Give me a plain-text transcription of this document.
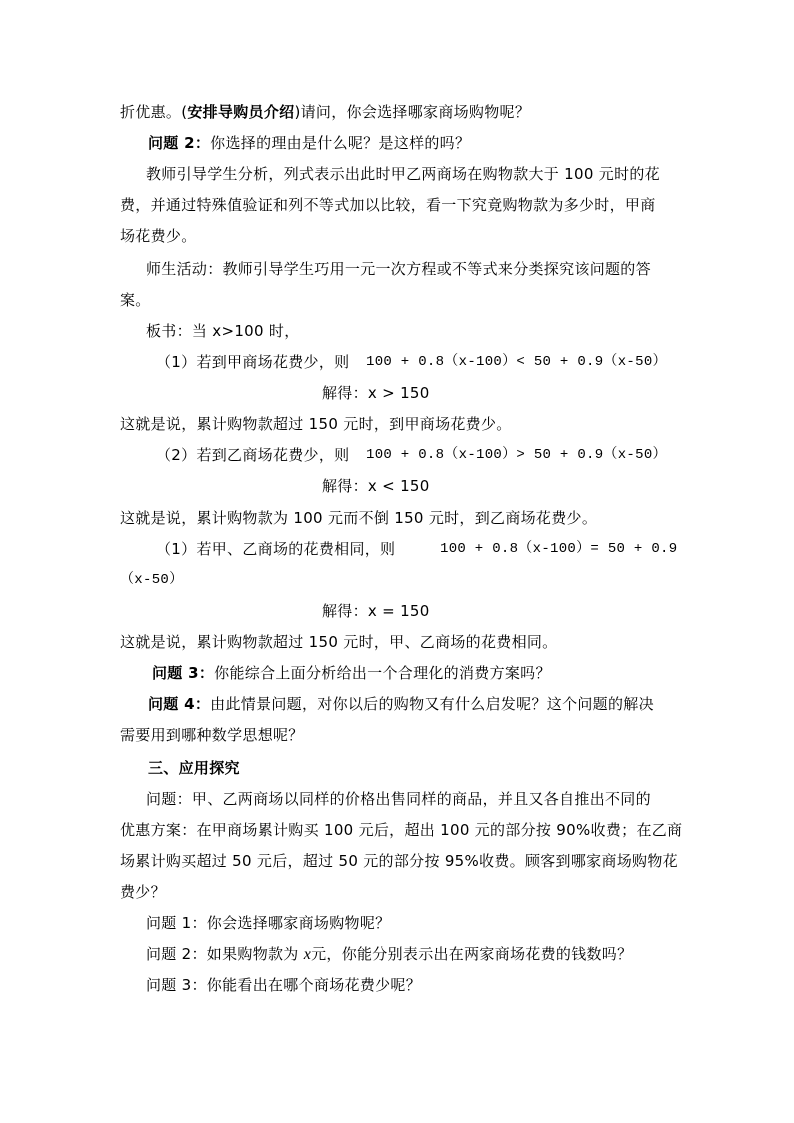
折优惠。(安排导购员介绍)请问，你会选择哪家商场购物呢？
问题 2：你选择的理由是什么呢？是这样的吗？
教师引导学生分析，列式表示出此时甲乙两商场在购物款大于 100 元时的花
费，并通过特殊值验证和列不等式加以比较，看一下究竟购物款为多少时，甲商
场花费少。
师生活动：教师引导学生巧用一元一次方程或不等式来分类探究该问题的答
案。
板书：当 x>100 时，
（1）若到甲商场花费少，则 100 + 0.8（x-100）< 50 + 0.9（x-50）
解得：x > 150
这就是说，累计购物款超过 150 元时，到甲商场花费少。
（2）若到乙商场花费少，则 100 + 0.8（x-100）> 50 + 0.9（x-50）
解得：x < 150
这就是说，累计购物款为 100 元而不倒 150 元时，到乙商场花费少。
（1）若甲、乙商场的花费相同，则	100 + 0.8（x-100）= 50 + 0.9
（x-50）
解得：x = 150
这就是说，累计购物款超过 150 元时，甲、乙商场的花费相同。
问题 3：你能综合上面分析给出一个合理化的消费方案吗？
问题 4：由此情景问题，对你以后的购物又有什么启发呢？这个问题的解决
需要用到哪种数学思想呢？
三、应用探究
问题：甲、乙两商场以同样的价格出售同样的商品，并且又各自推出不同的
优惠方案：在甲商场累计购买 100 元后，超出 100 元的部分按 90%收费；在乙商
场累计购买超过 50 元后，超过 50 元的部分按 95%收费。顾客到哪家商场购物花
费少？
问题 1：你会选择哪家商场购物呢？
问题 2：如果购物款为 x元，你能分别表示出在两家商场花费的钱数吗？
问题 3：你能看出在哪个商场花费少呢？
